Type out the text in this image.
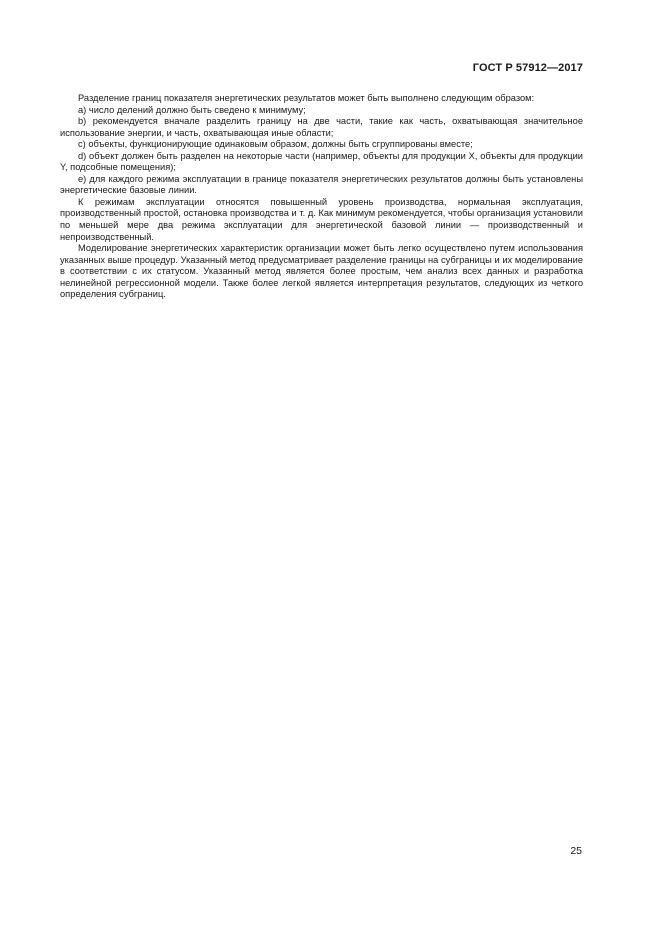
ГОСТ Р 57912—2017

Разделение границ показателя энергетических результатов может быть выполнено следующим образом:

a) число делений должно быть сведено к минимуму;

b) рекомендуется вначале разделить границу на две части, такие как часть, охватывающая значительное использование энергии, и часть, охватывающая иные области;

c) объекты, функционирующие одинаковым образом, должны быть сгруппированы вместе;

d) объект должен быть разделен на некоторые части (например, объекты для продукции X, объекты для продукции Y, подсобные помещения);

e) для каждого режима эксплуатации в границе показателя энергетических результатов должны быть установлены энергетические базовые линии.

К режимам эксплуатации относятся повышенный уровень производства, нормальная эксплуатация, производственный простой, остановка производства и т. д. Как минимум рекомендуется, чтобы организация установили по меньшей мере два режима эксплуатации для энергетической базовой линии — производственный и непроизводственный.

Моделирование энергетических характеристик организации может быть легко осуществлено путем использования указанных выше процедур. Указанный метод предусматривает разделение границы на субграницы и их моделирование в соответствии с их статусом. Указанный метод является более простым, чем анализ всех данных и разработка нелинейной регрессионной модели. Также более легкой является интерпретация результатов, следующих из четкого определения субграниц.

25
